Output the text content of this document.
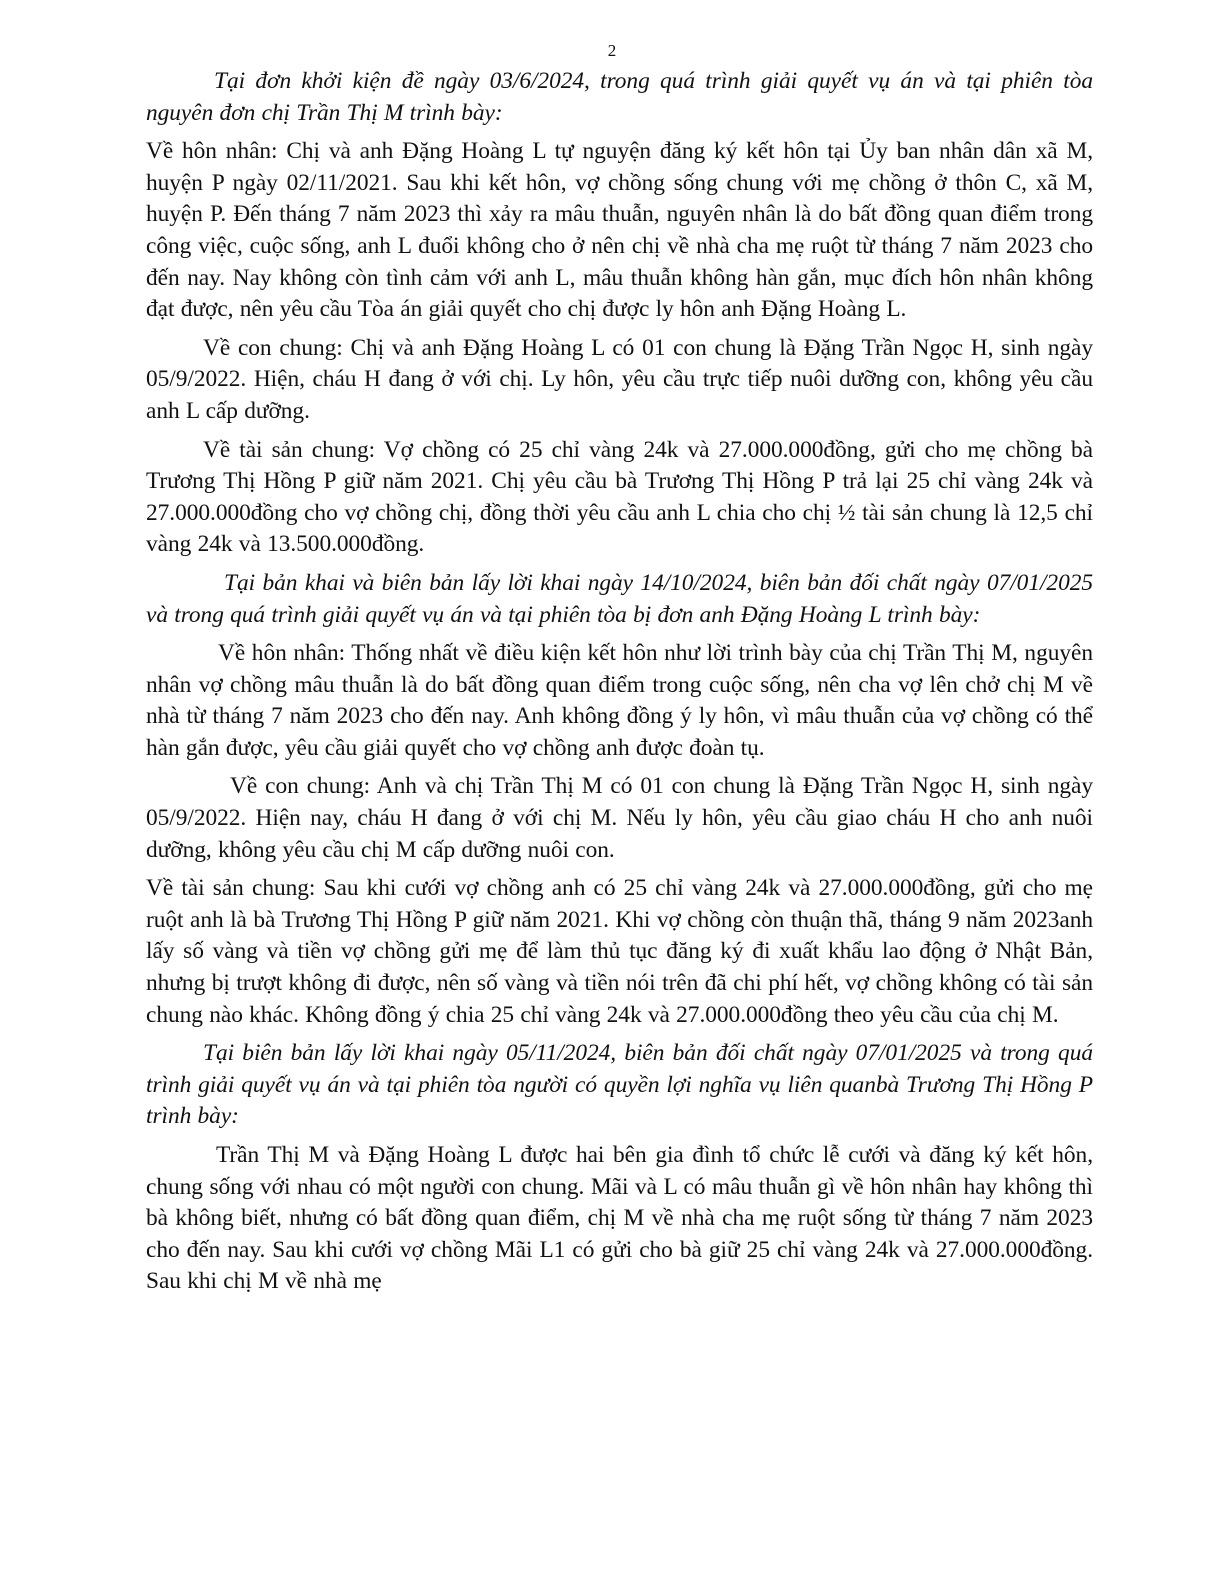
2

Tại đơn khởi kiện đề ngày 03/6/2024, trong quá trình giải quyết vụ án và tại phiên tòa nguyên đơn chị Trần Thị M trình bày:

Về hôn nhân: Chị và anh Đặng Hoàng L tự nguyện đăng ký kết hôn tại Ủy ban nhân dân xã M, huyện P ngày 02/11/2021. Sau khi kết hôn, vợ chồng sống chung với mẹ chồng ở thôn C, xã M, huyện P. Đến tháng 7 năm 2023 thì xảy ra mâu thuẫn, nguyên nhân là do bất đồng quan điểm trong công việc, cuộc sống, anh L đuổi không cho ở nên chị về nhà cha mẹ ruột từ tháng 7 năm 2023 cho đến nay. Nay không còn tình cảm với anh L, mâu thuẫn không hàn gắn, mục đích hôn nhân không đạt được, nên yêu cầu Tòa án giải quyết cho chị được ly hôn anh Đặng Hoàng L.

Về con chung: Chị và anh Đặng Hoàng L có 01 con chung là Đặng Trần Ngọc H, sinh ngày 05/9/2022. Hiện, cháu H đang ở với chị. Ly hôn, yêu cầu trực tiếp nuôi dưỡng con, không yêu cầu anh L cấp dưỡng.

Về tài sản chung: Vợ chồng có 25 chỉ vàng 24k và 27.000.000đồng, gửi cho mẹ chồng bà Trương Thị Hồng P giữ năm 2021. Chị yêu cầu bà Trương Thị Hồng P trả lại 25 chỉ vàng 24k và 27.000.000đồng cho vợ chồng chị, đồng thời yêu cầu anh L chia cho chị ½ tài sản chung là 12,5 chỉ vàng 24k và 13.500.000đồng.

Tại bản khai và biên bản lấy lời khai ngày 14/10/2024, biên bản đối chất ngày 07/01/2025 và trong quá trình giải quyết vụ án và tại phiên tòa bị đơn anh Đặng Hoàng L trình bày:

Về hôn nhân: Thống nhất về điều kiện kết hôn như lời trình bày của chị Trần Thị M, nguyên nhân vợ chồng mâu thuẫn là do bất đồng quan điểm trong cuộc sống, nên cha vợ lên chở chị M về nhà từ tháng 7 năm 2023 cho đến nay. Anh không đồng ý ly hôn, vì mâu thuẫn của vợ chồng có thể hàn gắn được, yêu cầu giải quyết cho vợ chồng anh được đoàn tụ.

Về con chung: Anh và chị Trần Thị M có 01 con chung là Đặng Trần Ngọc H, sinh ngày 05/9/2022. Hiện nay, cháu H đang ở với chị M. Nếu ly hôn, yêu cầu giao cháu H cho anh nuôi dưỡng, không yêu cầu chị M cấp dưỡng nuôi con.

Về tài sản chung: Sau khi cưới vợ chồng anh có 25 chỉ vàng 24k và 27.000.000đồng, gửi cho mẹ ruột anh là bà Trương Thị Hồng P giữ năm 2021. Khi vợ chồng còn thuận thã, tháng 9 năm 2023anh lấy số vàng và tiền vợ chồng gửi mẹ để làm thủ tục đăng ký đi xuất khẩu lao động ở Nhật Bản, nhưng bị trượt không đi được, nên số vàng và tiền nói trên đã chi phí hết, vợ chồng không có tài sản chung nào khác. Không đồng ý chia 25 chỉ vàng 24k và 27.000.000đồng theo yêu cầu của chị M.

Tại biên bản lấy lời khai ngày 05/11/2024, biên bản đối chất ngày 07/01/2025 và trong quá trình giải quyết vụ án và tại phiên tòa người có quyền lợi nghĩa vụ liên quanbà Trương Thị Hồng P trình bày:

Trần Thị M và Đặng Hoàng L được hai bên gia đình tổ chức lễ cưới và đăng ký kết hôn, chung sống với nhau có một người con chung. Mãi và L có mâu thuẫn gì về hôn nhân hay không thì bà không biết, nhưng có bất đồng quan điểm, chị M về nhà cha mẹ ruột sống từ tháng 7 năm 2023 cho đến nay. Sau khi cưới vợ chồng Mãi L1 có gửi cho bà giữ 25 chỉ vàng 24k và 27.000.000đồng. Sau khi chị M về nhà mẹ
